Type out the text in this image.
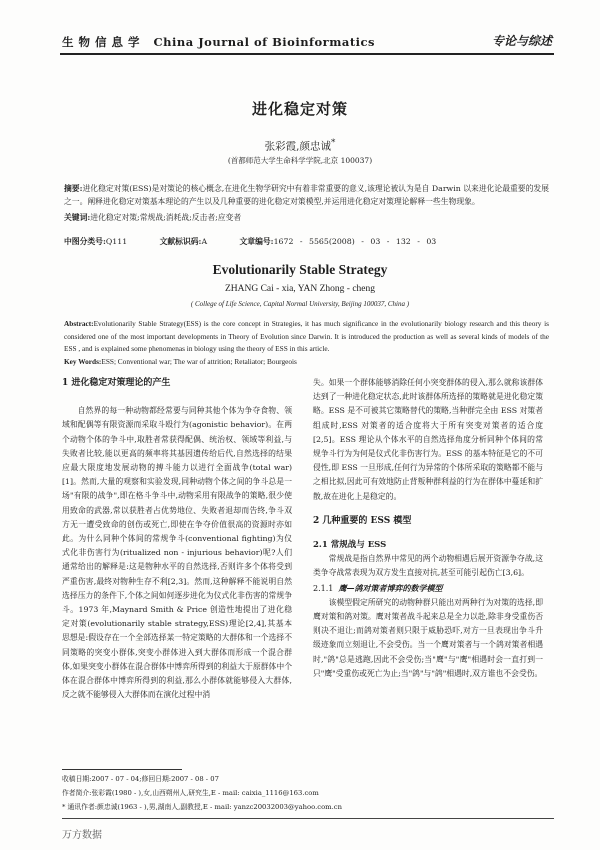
生 物 信 息 学 China Journal of Bioinformatics	专论与综述
进化稳定对策
张彩霞,颜忠诚*
(首都师范大学生命科学学院,北京 100037)
摘要:进化稳定对策(ESS)是对策论的核心概念,在进化生物学研究中有着非常重要的意义,该理论被认为是自 Darwin 以来进化论最重要的发展之一。阐释进化稳定对策基本理论的产生以及几种重要的进化稳定对策模型,并运用进化稳定对策理论解释一些生物现象。
关键词:进化稳定对策;常规战;消耗战;反击者;应变者
中图分类号:Q111	文献标识码:A	文章编号:1672 - 5565(2008) - 03 - 132 - 03
Evolutionarily Stable Strategy
ZHANG Cai - xia, YAN Zhong - cheng
( College of Life Science, Capital Normal University, Beijing 100037, China )
Abstract:Evolutionarily Stable Strategy(ESS) is the core concept in Strategies, it has much significance in the evolutionarily biology research and this theory is considered one of the most important developments in Theory of Evolution since Darwin. It is introduced the production as well as several kinds of models of the ESS , and is explained some phenomenas in biology using the theory of ESS in this article.
Key Words:ESS; Conventional war; The war of attrition; Retaliator; Bourgeois
1 进化稳定对策理论的产生
自然界的每一种动物都经常要与同种其他个体为争夺食物、领域和配偶等有限资源而采取斗殴行为(agonistic behavior)。在两个动物个体的争斗中,取胜者常获得配偶、统治权、领域等利益,与失败者比较,能以更高的频率将其基因遗传给后代,自然选择的结果应最大限度地发展动物的搏斗能力以进行全面战争(total war)[1]。然而,大量的观察和实验发现,同种动物个体之间的争斗总是一场"有限的战争",即在格斗争斗中,动物采用有限战争的策略,很少使用致命的武器,常以获胜者占优势地位、失败者退却而告终,争斗双方无一遭受致命的创伤或死亡,即使在争夺价值很高的资源时亦如此。为什么同种个体间的常规争斗(conventional fighting)为仪式化非伤害行为(ritualized non - injurious behavior)呢?人们通常给出的解释是:这是物种水平的自然选择,否则许多个体将受到严重伤害,最终对物种生存不利[2,3]。然而,这种解释不能说明自然选择压力的条件下,个体之间如何逐步进化为仪式化非伤害的常规争斗。1973 年,Maynard Smith & Price 创造性地提出了进化稳定对策(evolutionarily stable strategy,ESS)理论[2,4],其基本思想是:假设存在一个全部选择某一特定策略的大群体和一个选择不同策略的突变小群体,突变小群体进入到大群体而形成一个混合群体,如果突变小群体在混合群体中博弈所得到的利益大于原群体中个体在混合群体中博弈所得到的利益,那么小群体就能够侵入大群体,反之就不能够侵入大群体而在演化过程中消
失。如果一个群体能够消除任何小突变群体的侵入,那么就称该群体达到了一种进化稳定状态,此时该群体所选择的策略就是进化稳定策略。ESS 是不可被其它策略替代的策略,当种群完全由 ESS 对策者组成时,ESS 对策者的适合度将大于所有突变对策者的适合度[2,5]。ESS 理论从个体水平的自然选择角度分析同种个体间的常规争斗行为为何是仪式化非伤害行为。ESS 的基本特征是它的不可侵性,即 ESS 一旦形成,任何行为异常的个体所采取的策略都不能与之相比拟,因此可有效地防止背叛种群利益的行为在群体中蔓延和扩散,故在进化上是稳定的。
2 几种重要的 ESS 模型
2.1 常规战与 ESS
常规战是指自然界中常见的两个动物相遇后展开资源争夺战,这类争夺战常表现为双方发生直接对抗,甚至可能引起伤亡[3,6]。
2.1.1 鹰—鸽对策者博弈的数学模型
该模型假定所研究的动物种群只能出对两种行为对策的选择,即鹰对策和鸽对策。鹰对策者战斗起来总是全力以赴,除非身受重伤否则决不退让;而鸽对策者则只限于威胁恐吓,对方一旦表现出争斗升级迹象而立刻退让,不会受伤。当一个鹰对策者与一个鸽对策者相遇时,"鸽"总是逃跑,因此不会受伤;当"鹰"与"鹰"相遇时会一直打到一只"鹰"受重伤或死亡为止;当"鸽"与"鸽"相遇时,双方谁也不会受伤。
收稿日期:2007 - 07 - 04;修回日期:2007 - 08 - 07
作者简介:张彩霞(1980 - ),女,山西朔州人,研究生,E - mail: caixia_1116@163.com
* 通讯作者:颜忠诚(1963 - ),男,湖南人,副教授,E - mail: yanzc20032003@yahoo.com.cn
万方数据
